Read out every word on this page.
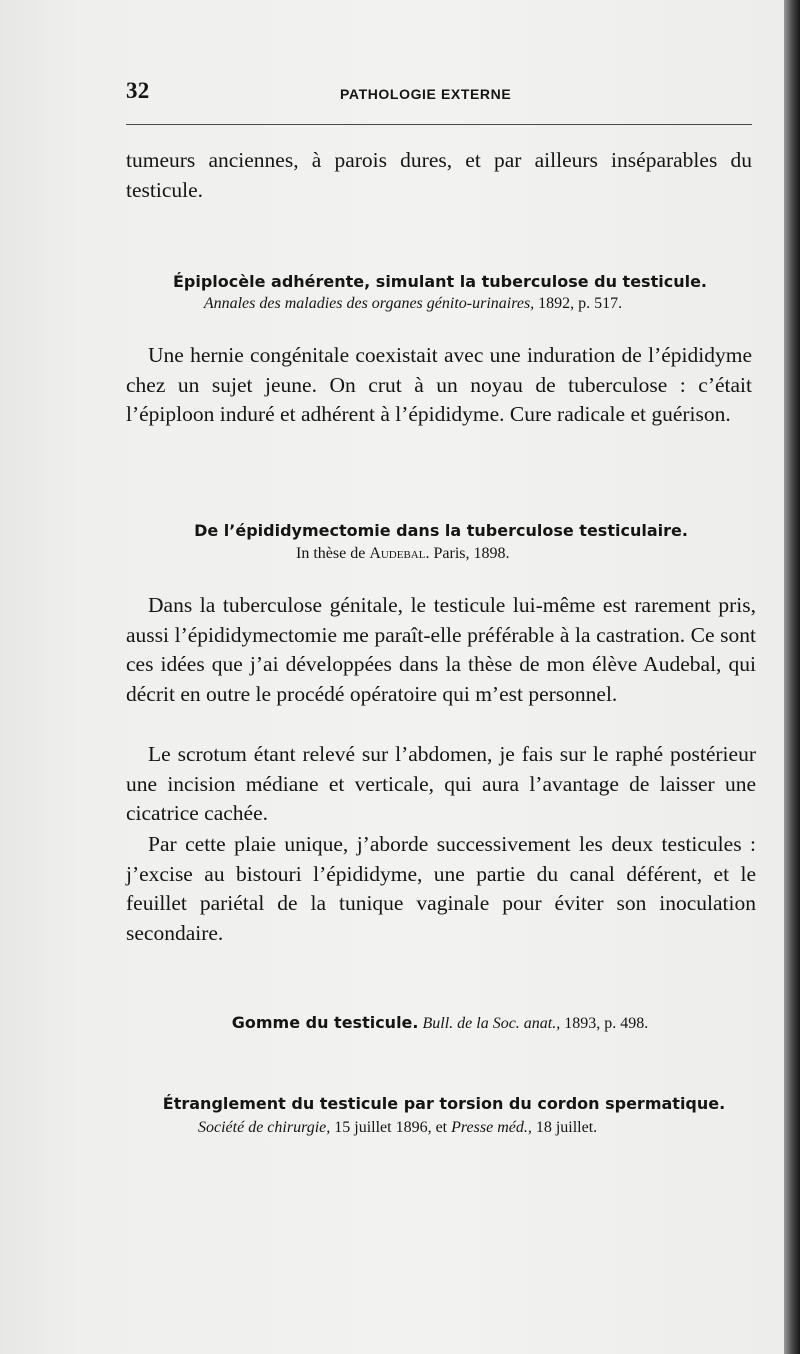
32	PATHOLOGIE EXTERNE
tumeurs anciennes, à parois dures, et par ailleurs inséparables du testicule.
Épiplocèle adhérente, simulant la tuberculose du testicule.
Annales des maladies des organes génito-urinaires, 1892, p. 517.
Une hernie congénitale coexistait avec une induration de l’épididyme chez un sujet jeune. On crut à un noyau de tuberculose : c’était l’épiploon induré et adhérent à l’épididyme. Cure radicale et guérison.
De l’épididymectomie dans la tuberculose testiculaire.
In thèse de Audebal. Paris, 1898.
Dans la tuberculose génitale, le testicule lui-même est rarement pris, aussi l’épididymectomie me paraît-elle préférable à la castration. Ce sont ces idées que j’ai développées dans la thèse de mon élève Audebal, qui décrit en outre le procédé opératoire qui m’est personnel.
Le scrotum étant relevé sur l’abdomen, je fais sur le raphé postérieur une incision médiane et verticale, qui aura l’avantage de laisser une cicatrice cachée.
Par cette plaie unique, j’aborde successivement les deux testicules : j’excise au bistouri l’épididyme, une partie du canal déférent, et le feuillet pariétal de la tunique vaginale pour éviter son inoculation secondaire.
Gomme du testicule. Bull. de la Soc. anat., 1893, p. 498.
Étranglement du testicule par torsion du cordon spermatique.
Société de chirurgie, 15 juillet 1896, et Presse méd., 18 juillet.
